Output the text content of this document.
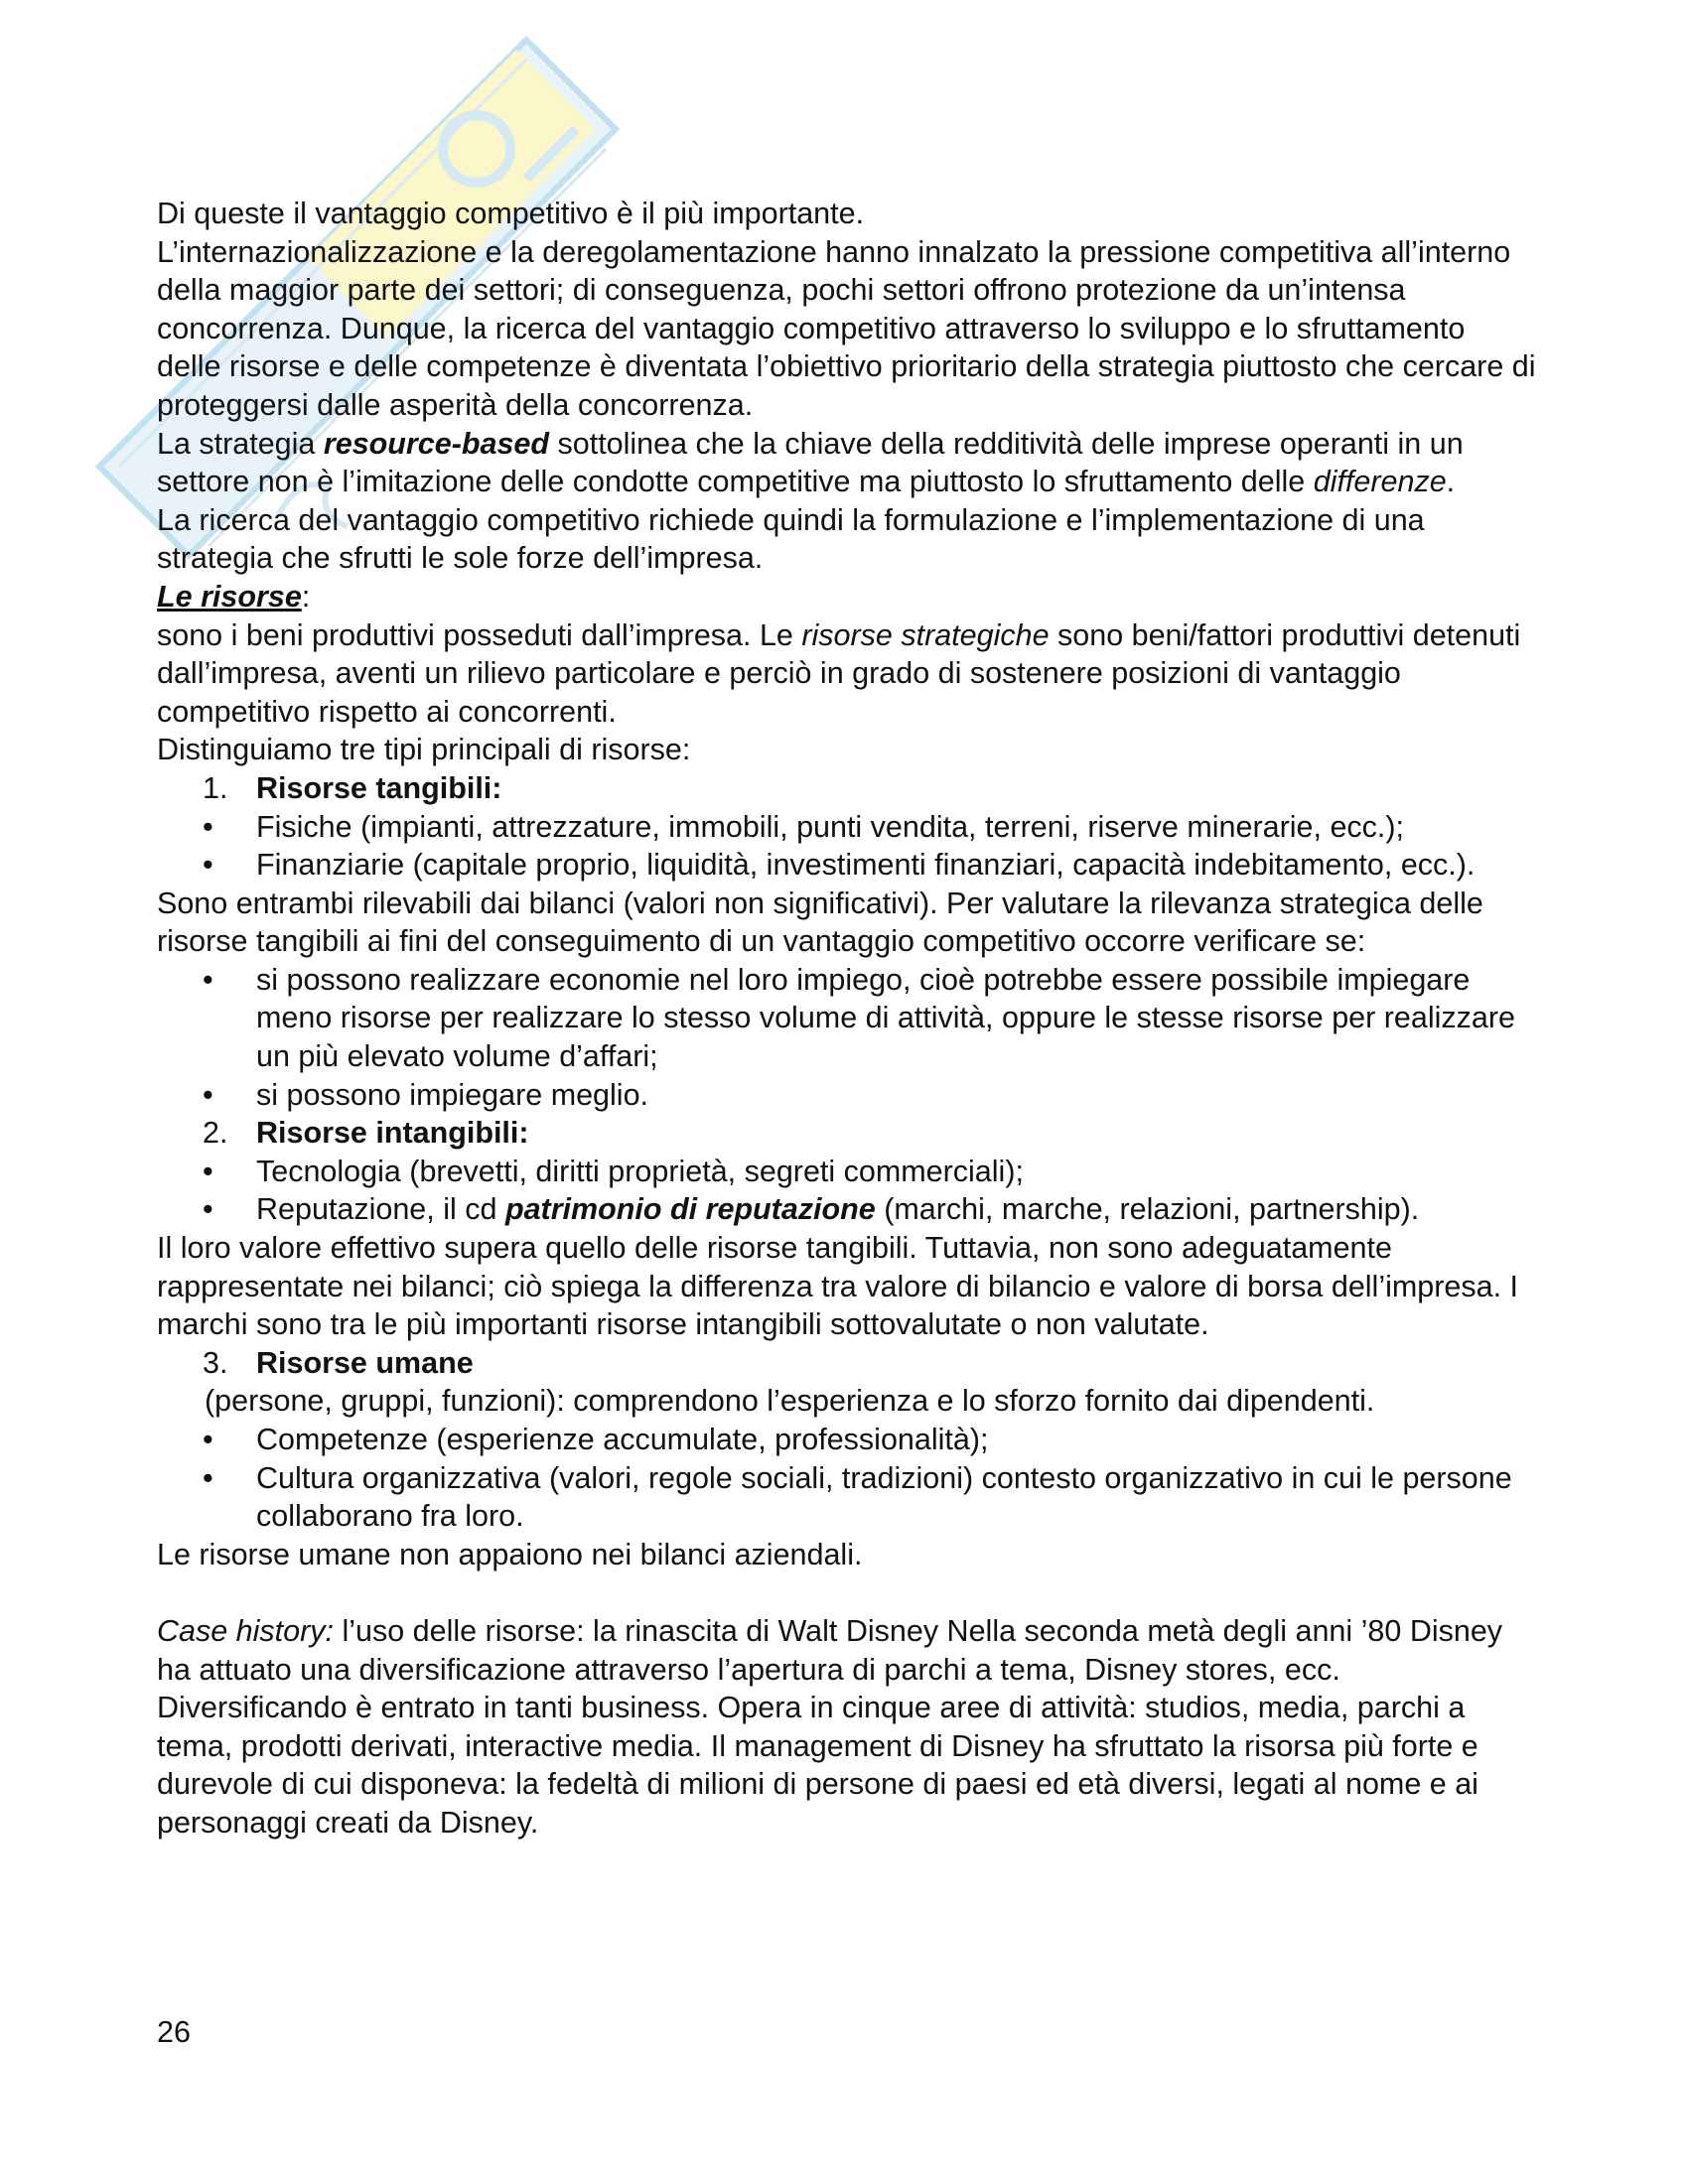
Di queste il vantaggio competitivo è il più importante.

L’internazionalizzazione e la deregolamentazione hanno innalzato la pressione competitiva all’interno della maggior parte dei settori; di conseguenza, pochi settori offrono protezione da un’intensa concorrenza. Dunque, la ricerca del vantaggio competitivo attraverso lo sviluppo e lo sfruttamento delle risorse e delle competenze è diventata l’obiettivo prioritario della strategia piuttosto che cercare di proteggersi dalle asperità della concorrenza.

La strategia resource-based sottolinea che la chiave della redditività delle imprese operanti in un settore non è l’imitazione delle condotte competitive ma piuttosto lo sfruttamento delle differenze.

La ricerca del vantaggio competitivo richiede quindi la formulazione e l’implementazione di una strategia che sfrutti le sole forze dell’impresa.

Le risorse:

sono i beni produttivi posseduti dall’impresa. Le risorse strategiche sono beni/fattori produttivi detenuti dall’impresa, aventi un rilievo particolare e perciò in grado di sostenere posizioni di vantaggio competitivo rispetto ai concorrenti.

Distinguiamo tre tipi principali di risorse:

1. Risorse tangibili:
• Fisiche (impianti, attrezzature, immobili, punti vendita, terreni, riserve minerarie, ecc.);
• Finanziarie (capitale proprio, liquidità, investimenti finanziari, capacità indebitamento, ecc.).

Sono entrambi rilevabili dai bilanci (valori non significativi). Per valutare la rilevanza strategica delle risorse tangibili ai fini del conseguimento di un vantaggio competitivo occorre verificare se:

• si possono realizzare economie nel loro impiego, cioè potrebbe essere possibile impiegare meno risorse per realizzare lo stesso volume di attività, oppure le stesse risorse per realizzare un più elevato volume d’affari;
• si possono impiegare meglio.
2. Risorse intangibili:
• Tecnologia (brevetti, diritti proprietà, segreti commerciali);
• Reputazione, il cd patrimonio di reputazione (marchi, marche, relazioni, partnership).

Il loro valore effettivo supera quello delle risorse tangibili. Tuttavia, non sono adeguatamente rappresentate nei bilanci; ciò spiega la differenza tra valore di bilancio e valore di borsa dell’impresa. I marchi sono tra le più importanti risorse intangibili sottovalutate o non valutate.

3. Risorse umane

(persone, gruppi, funzioni): comprendono l’esperienza e lo sforzo fornito dai dipendenti.

• Competenze (esperienze accumulate, professionalità);
• Cultura organizzativa (valori, regole sociali, tradizioni) contesto organizzativo in cui le persone collaborano fra loro.

Le risorse umane non appaiono nei bilanci aziendali.

Case history: l’uso delle risorse: la rinascita di Walt Disney Nella seconda metà degli anni ’80 Disney ha attuato una diversificazione attraverso l’apertura di parchi a tema, Disney stores, ecc. Diversificando è entrato in tanti business. Opera in cinque aree di attività: studios, media, parchi a tema, prodotti derivati, interactive media. Il management di Disney ha sfruttato la risorsa più forte e durevole di cui disponeva: la fedeltà di milioni di persone di paesi ed età diversi, legati al nome e ai personaggi creati da Disney.

26
